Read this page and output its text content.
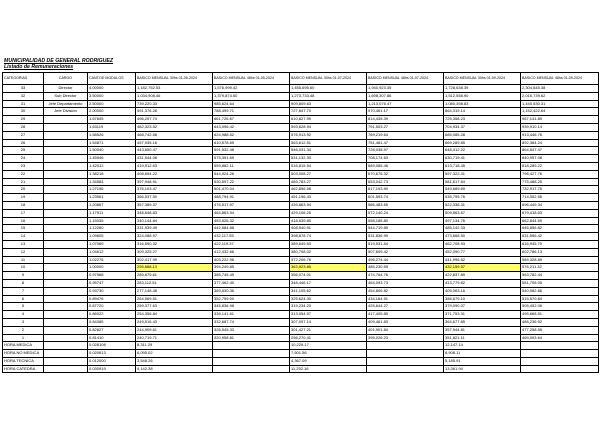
MUNICIPALIDAD DE GENERAL RODRIGUEZ
Listado de Remuneraciones
CATEGORIAS	CARGO	CANT.DE MODULOS	BASICO MENSUAL 30hs 01-05-2024	BASICO MENSUAL 48hs 01-05-2024	BASICO MENSUAL 30hs 01-07-2024	BASICO MENSUAL 48hs 01-07-2024	BASICO MENSUAL 30hs 01-09-2024	BASICO MENSUAL 48hs 01-09-2024
33	Director	4.00000	1,182,752.53	1,576,999.42	1,455,695.60	1,940,923.35	1,728,638.39	2,304,845.38
32	Sub Director	3.50000	1,034,908.46	1,379,874.50	1,273,733.48	1,698,307.86	1,512,558.90	2,016,739.62
31	Jefe Departamento	2.50000	739,220.33	985,624.64	909,809.63	1,213,076.47	1,080,398.83	1,440,530.31
30	Jefe División	2.00000	591,376.26	788,499.71	727,847.70	970,461.17	864,319.14	1,152,422.64
29		1.67845	496,297.74	661,726.67	610,827.99	814,435.39	725,358.23	967,141.89
28		1.63119	482,323.52	643,096.42	593,628.94	791,503.27	704,934.37	939,910.14
27		1.58526	468,742.56	624,988.52	576,913.92	769,219.64	685,085.28	913,446.76
26		1.54871	457,935.16	610,578.69	563,612.51	751,481.47	669,289.85	892,384.24
25		1.50040	443,650.47	591,532.48	546,031.34	728,038.97	648,412.22	864,547.47
24		1.45946	431,544.08	575,391.69	531,132.30	708,174.63	630,719.41	840,957.08
23		1.42012	419,912.63	559,882.11	516,815.54	689,085.46	613,718.45	818,289.22
22		1.38218	408,694.22	544,924.26	503,008.27	670,676.32	597,322.31	796,427.76
21		1.34584	397,948.91	530,597.22	489,783.27	653,042.73	581,617.64	775,488.25
20		1.27196	376,103.47	501,470.04	462,896.58	617,193.90	549,689.69	732,917.75
19		1.23961	366,537.50	488,794.91	451,196.43	601,593.74	535,795.76	714,352.56
18		1.20867	357,389.37	476,517.97	439,863.94	586,483.65	522,338.31	696,449.34
17		1.17911	348,648.83	464,863.94	429,106.25	572,140.24	509,563.67	679,418.53
16		1.15035	340,144.84	453,526.32	418,639.80	558,185.80	497,134.76	662,844.69
15		1.12260	331,939.49	442,584.88	408,540.91	544,719.85	485,142.33	646,856.82
14		1.09605	324,088.97	432,117.55	398,878.74	531,836.99	473,668.50	631,556.42
13		1.07069	316,590.32	422,119.37	389,649.63	519,531.54	462,708.93	616,945.70
12		1.04612	309,325.27	412,432.66	380,708.02	507,609.42	452,090.77	602,786.13
11		1.02276	302,417.99	403,222.96	372,206.76	496,274.44	441,996.52	589,328.89
10		1.00000	295,688.13	394,249.85	363,923.85	485,230.59	432,159.57	576,211.32
9		0.97968	289,679.61	385,745.49	356,074.01	474,764.76	422,837.89	563,782.44
8		0.95747	283,112.51	377,462.40	348,446.17	464,093.73	413,779.82	551,705.05
7		0.93730	277,148.48	369,530.36	341,105.62	454,806.82	405,063.16	540,082.86
6		0.89476	264,569.51	352,759.00	325,624.30	434,164.91	386,679.10	515,570.84
5		0.87720	259,377.63	345,836.98	319,234.20	425,644.27	379,090.37	505,452.06
4		0.86022	254,356.84	339,141.61	313,054.57	417,405.85	371,753.31	495,668.51
3		0.84385	249,516.43	332,687.74	307,097.14	409,461.83	364,677.85	486,236.92
2		0.82827	244,909.61	326,545.33	301,427.21	401,901.84	357,944.81	477,258.55
1		0.81410	240,719.71	320,958.81	296,270.41	395,026.23	351,821.11	469,093.64
HORA MEDICA		0.028108	8,311.29		10,229.17		12,147.14	
HORA NO MEDICA		0.020613	6,095.02		7,501.56		8,908.11	
HORA TECNICA		0.012000	3,548.26		4,367.09		5,185.91	
HORA CATEDRA		0.030919	9,142.38		11,252.16		13,361.94	
